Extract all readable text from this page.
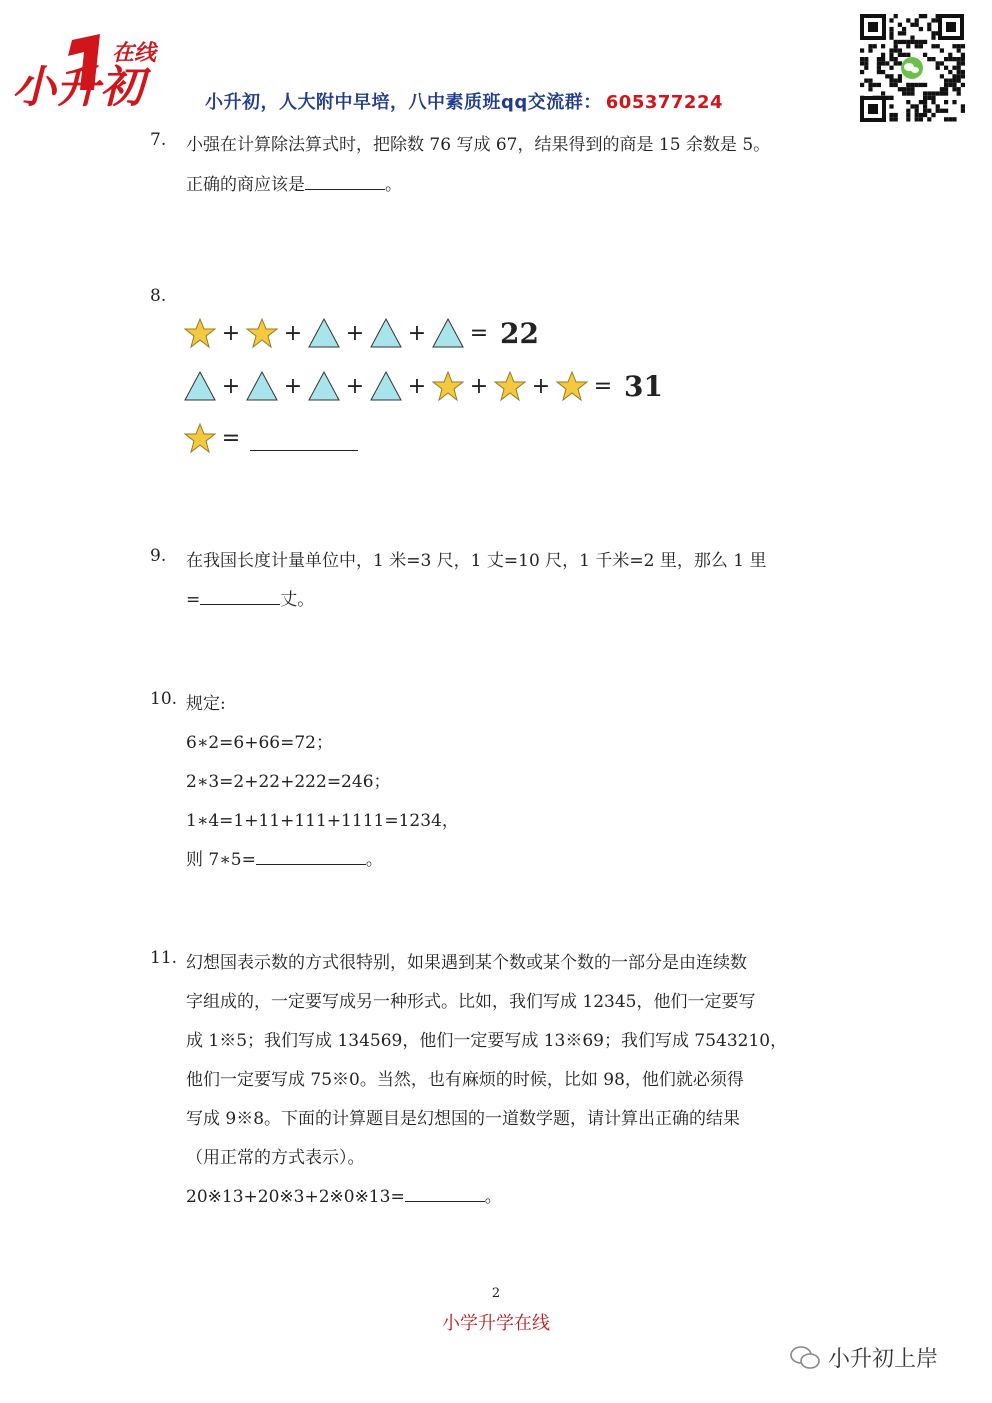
小升初
在线
小升初，人大附中早培，八中素质班qq交流群： 605377224
7. 小强在计算除法算式时，把除数 76 写成 67，结果得到的商是 15 余数是 5。
正确的商应该是	。
8.
+ + + + = 22
+ + + + + + = 31
=
9. 在我国长度计量单位中，1 米=3 尺，1 丈=10 尺，1 千米=2 里，那么 1 里
=	丈。
10. 规定:
6∗2=6+66=72；
2∗3=2+22+222=246；
1∗4=1+11+111+1111=1234，
则 7∗5=	。
11. 幻想国表示数的方式很特别，如果遇到某个数或某个数的一部分是由连续数
字组成的，一定要写成另一种形式。比如，我们写成 12345，他们一定要写
成 1※5；我们写成 134569，他们一定要写成 13※69；我们写成 7543210，
他们一定要写成 75※0。当然，也有麻烦的时候，比如 98，他们就必须得
写成 9※8。下面的计算题目是幻想国的一道数学题，请计算出正确的结果
（用正常的方式表示）。
20※13+20※3+2※0※13=	。
2
小学升学在线
小升初上岸
